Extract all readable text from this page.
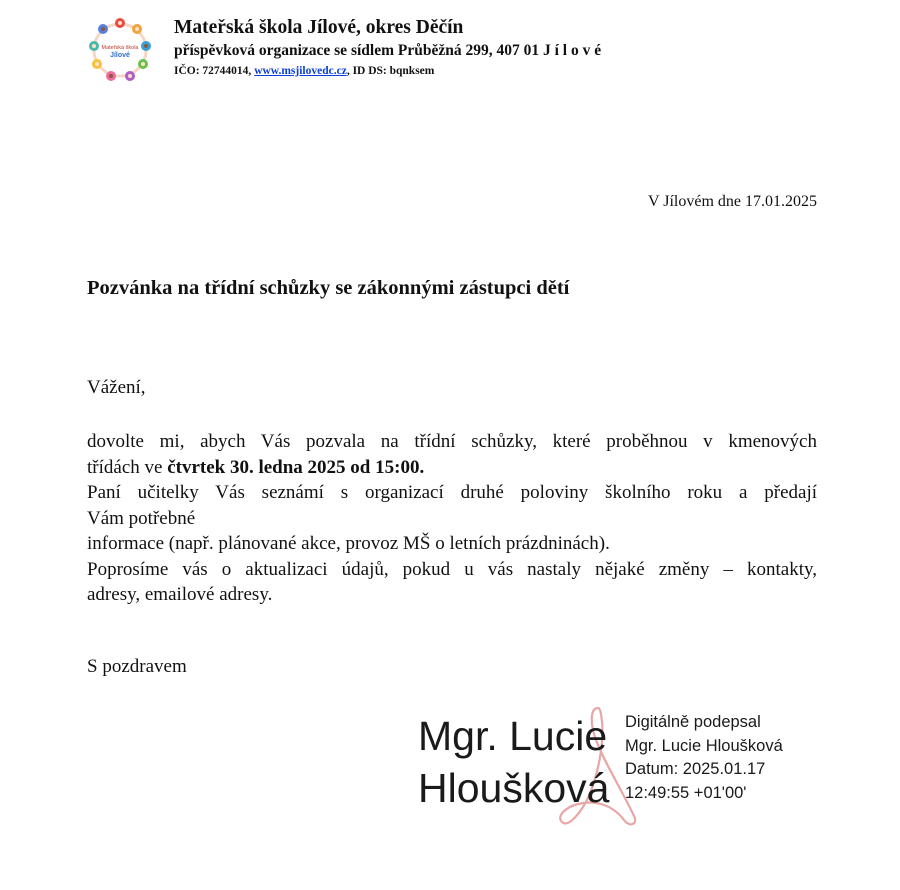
Mateřská škola
Jílové
Mateřská škola Jílové, okres Děčín
příspěvková organizace se sídlem Průběžná 299, 407 01 J í l o v é
IČO: 72744014, www.msjilovedc.cz, ID DS: bqnksem
V Jílovém dne 17.01.2025
Pozvánka na třídní schůzky se zákonnými zástupci dětí
Vážení,

dovolte mi, abych Vás pozvala na třídní schůzky, které proběhnou v kmenových

třídách ve čtvrtek 30. ledna 2025 od 15:00.

Paní učitelky Vás seznámí s organizací druhé poloviny školního roku a předají

Vám potřebné

informace (např. plánované akce, provoz MŠ o letních prázdninách).

Poprosíme vás o aktualizaci údajů, pokud u vás nastaly nějaké změny – kontakty,

adresy, emailové adresy.

S pozdravem
Mgr. Lucie
Hloušková
Digitálně podepsal
Mgr. Lucie Hloušková
Datum: 2025.01.17
12:49:55 +01'00'
